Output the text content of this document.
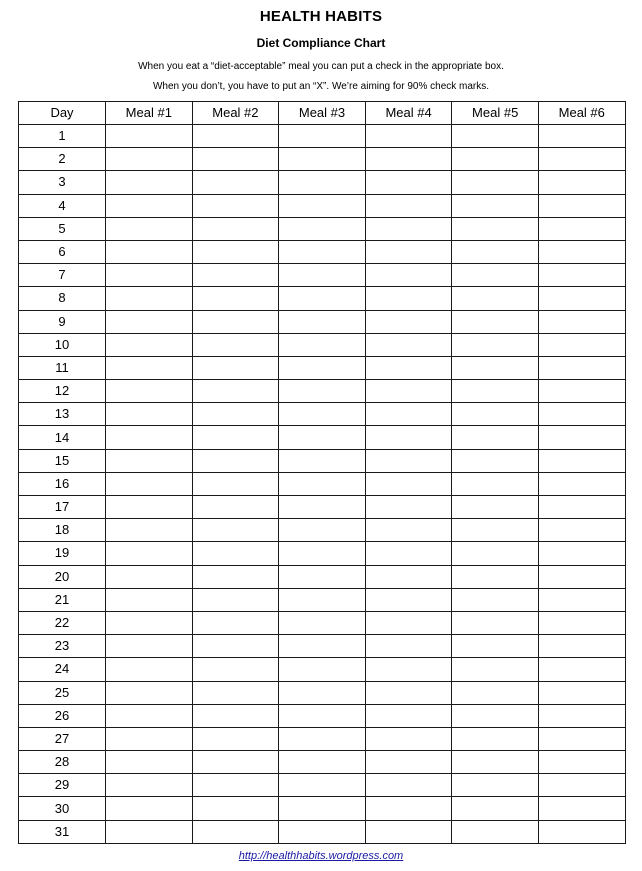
HEALTH HABITS
Diet Compliance Chart
When you eat a “diet-acceptable” meal you can put a check in the appropriate box.
When you don’t, you have to put an “X”. We’re aiming for 90% check marks.
Day	Meal #1	Meal #2	Meal #3	Meal #4	Meal #5	Meal #6
1						
2						
3						
4						
5						
6						
7						
8						
9						
10						
11						
12						
13						
14						
15						
16						
17						
18						
19						
20						
21						
22						
23						
24						
25						
26						
27						
28						
29						
30						
31						
http://healthhabits.wordpress.com
